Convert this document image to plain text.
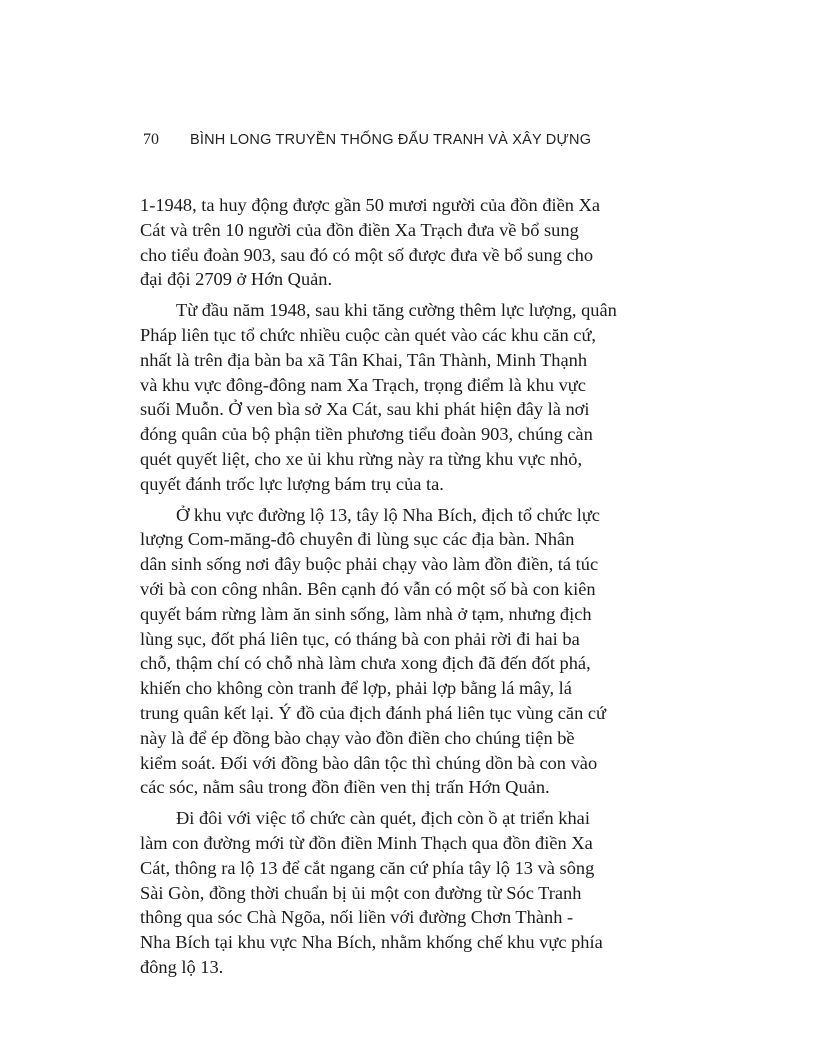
70 BÌNH LONG TRUYỀN THỐNG ĐẤU TRANH VÀ XÂY DỰNG

1-1948, ta huy động được gần 50 mươi người của đồn điền Xa
Cát và trên 10 người của đồn điền Xa Trạch đưa về bổ sung
cho tiểu đoàn 903, sau đó có một số được đưa về bổ sung cho
đại đội 2709 ở Hớn Quản.

Từ đầu năm 1948, sau khi tăng cường thêm lực lượng, quân
Pháp liên tục tổ chức nhiều cuộc càn quét vào các khu căn cứ,
nhất là trên địa bàn ba xã Tân Khai, Tân Thành, Minh Thạnh
và khu vực đông-đông nam Xa Trạch, trọng điểm là khu vực
suối Muỗn. Ở ven bìa sở Xa Cát, sau khi phát hiện đây là nơi
đóng quân của bộ phận tiền phương tiểu đoàn 903, chúng càn
quét quyết liệt, cho xe ủi khu rừng này ra từng khu vực nhỏ,
quyết đánh trốc lực lượng bám trụ của ta.

Ở khu vực đường lộ 13, tây lộ Nha Bích, địch tổ chức lực
lượng Com-măng-đô chuyên đi lùng sục các địa bàn. Nhân
dân sinh sống nơi đây buộc phải chạy vào làm đồn điền, tá túc
với bà con công nhân. Bên cạnh đó vẫn có một số bà con kiên
quyết bám rừng làm ăn sinh sống, làm nhà ở tạm, nhưng địch
lùng sục, đốt phá liên tục, có tháng bà con phải rời đi hai ba
chỗ, thậm chí có chỗ nhà làm chưa xong địch đã đến đốt phá,
khiến cho không còn tranh để lợp, phải lợp bằng lá mây, lá
trung quân kết lại. Ý đồ của địch đánh phá liên tục vùng căn cứ
này là để ép đồng bào chạy vào đồn điền cho chúng tiện bề
kiểm soát. Đối với đồng bào dân tộc thì chúng dồn bà con vào
các sóc, nằm sâu trong đồn điền ven thị trấn Hớn Quản.

Đi đôi với việc tổ chức càn quét, địch còn ồ ạt triển khai
làm con đường mới từ đồn điền Minh Thạch qua đồn điền Xa
Cát, thông ra lộ 13 để cắt ngang căn cứ phía tây lộ 13 và sông
Sài Gòn, đồng thời chuẩn bị ủi một con đường từ Sóc Tranh
thông qua sóc Chà Ngõa, nối liền với đường Chơn Thành -
Nha Bích tại khu vực Nha Bích, nhằm khống chế khu vực phía
đông lộ 13.
